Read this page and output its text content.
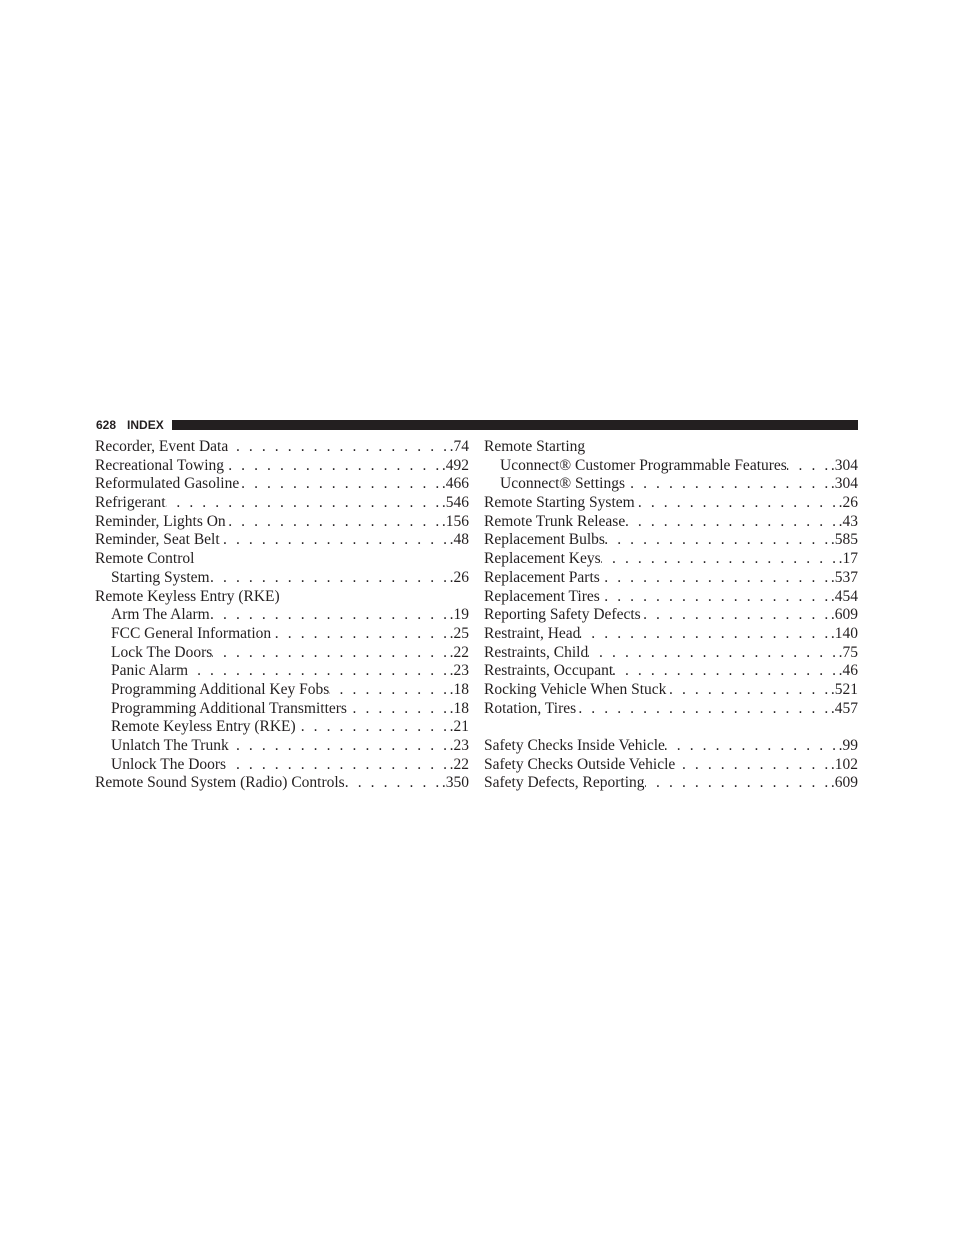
628 INDEX
Recorder, Event Data . . .	.74
Recreational Towing . . .	.492
Reformulated Gasoline . . .	.466
Refrigerant . . .	.546
Reminder, Lights On . . .	.156
Reminder, Seat Belt . . .	.48
Remote Control
Starting System . . .	.26
Remote Keyless Entry (RKE)
Arm The Alarm . . .	.19
FCC General Information . . .	.25
Lock The Doors . . .	.22
Panic Alarm . . .	.23
Programming Additional Key Fobs . . .	.18
Programming Additional Transmitters . . .	.18
Remote Keyless Entry (RKE) . . .	.21
Unlatch The Trunk . . .	.23
Unlock The Doors . . .	.22
Remote Sound System (Radio) Controls . . .	.350
Remote Starting
Uconnect® Customer Programmable Features . . .	.304
Uconnect® Settings . . .	.304
Remote Starting System . . .	.26
Remote Trunk Release . . .	.43
Replacement Bulbs . . .	.585
Replacement Keys . . .	.17
Replacement Parts . . .	.537
Replacement Tires . . .	.454
Reporting Safety Defects . . .	.609
Restraint, Head . . .	.140
Restraints, Child . . .	.75
Restraints, Occupant . . .	.46
Rocking Vehicle When Stuck . . .	.521
Rotation, Tires . . .	.457
Safety Checks Inside Vehicle . . .	.99
Safety Checks Outside Vehicle . . .	.102
Safety Defects, Reporting . . .	.609
